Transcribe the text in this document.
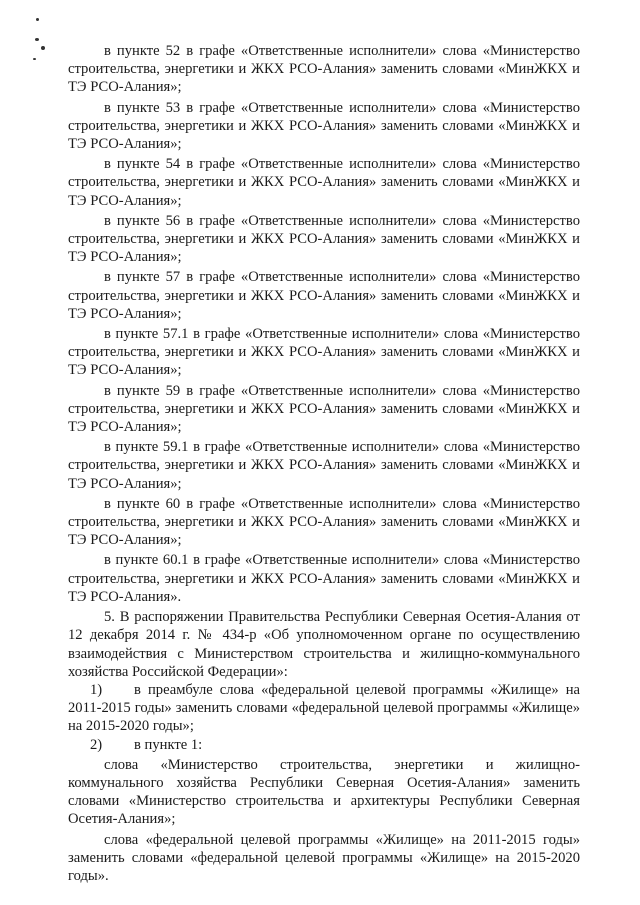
в пункте 52 в графе «Ответственные исполнители» слова «Министерство строительства, энергетики и ЖКХ РСО-Алания» заменить словами «МинЖКХ и ТЭ РСО-Алания»;

в пункте 53 в графе «Ответственные исполнители» слова «Министерство строительства, энергетики и ЖКХ РСО-Алания» заменить словами «МинЖКХ и ТЭ РСО-Алания»;

в пункте 54 в графе «Ответственные исполнители» слова «Министерство строительства, энергетики и ЖКХ РСО-Алания» заменить словами «МинЖКХ и ТЭ РСО-Алания»;

в пункте 56 в графе «Ответственные исполнители» слова «Министерство строительства, энергетики и ЖКХ РСО-Алания» заменить словами «МинЖКХ и ТЭ РСО-Алания»;

в пункте 57 в графе «Ответственные исполнители» слова «Министерство строительства, энергетики и ЖКХ РСО-Алания» заменить словами «МинЖКХ и ТЭ РСО-Алания»;

в пункте 57.1 в графе «Ответственные исполнители» слова «Министерство строительства, энергетики и ЖКХ РСО-Алания» заменить словами «МинЖКХ и ТЭ РСО-Алания»;

в пункте 59 в графе «Ответственные исполнители» слова «Министерство строительства, энергетики и ЖКХ РСО-Алания» заменить словами «МинЖКХ и ТЭ РСО-Алания»;

в пункте 59.1 в графе «Ответственные исполнители» слова «Министерство строительства, энергетики и ЖКХ РСО-Алания» заменить словами «МинЖКХ и ТЭ РСО-Алания»;

в пункте 60 в графе «Ответственные исполнители» слова «Министерство строительства, энергетики и ЖКХ РСО-Алания» заменить словами «МинЖКХ и ТЭ РСО-Алания»;

в пункте 60.1 в графе «Ответственные исполнители» слова «Министерство строительства, энергетики и ЖКХ РСО-Алания» заменить словами «МинЖКХ и ТЭ РСО-Алания».

5. В распоряжении Правительства Республики Северная Осетия-Алания от 12 декабря 2014 г. № 434-р «Об уполномоченном органе по осуществлению взаимодействия с Министерством строительства и жилищно-коммунального хозяйства Российской Федерации»:

1) в преамбуле слова «федеральной целевой программы «Жилище» на 2011-2015 годы» заменить словами «федеральной целевой программы «Жилище» на 2015-2020 годы»;

2) в пункте 1:

слова «Министерство строительства, энергетики и жилищно-коммунального хозяйства Республики Северная Осетия-Алания» заменить словами «Министерство строительства и архитектуры Республики Северная Осетия-Алания»;

слова «федеральной целевой программы «Жилище» на 2011-2015 годы» заменить словами «федеральной целевой программы «Жилище» на 2015-2020 годы».
